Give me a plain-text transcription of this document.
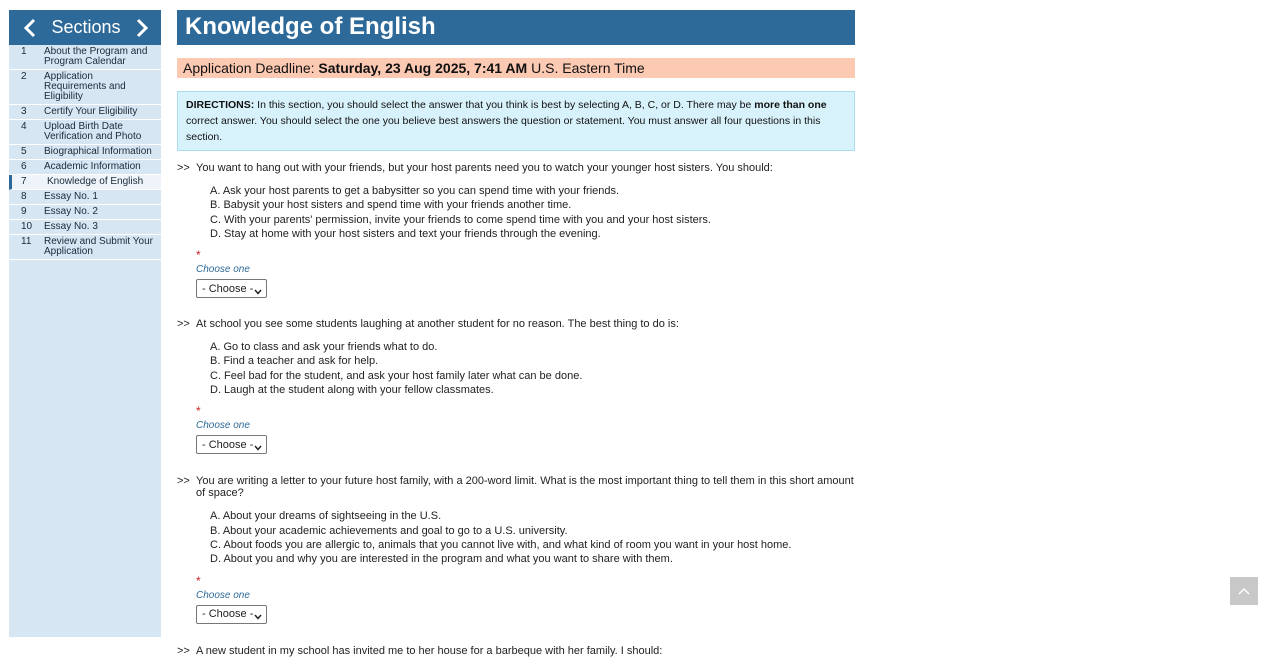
Sections
1	About the Program and Program Calendar
2	Application Requirements and Eligibility
3	Certify Your Eligibility
4	Upload Birth Date Verification and Photo
5	Biographical Information
6	Academic Information
7	Knowledge of English
8	Essay No. 1
9	Essay No. 2
10	Essay No. 3
11	Review and Submit Your Application
Knowledge of English
Application Deadline: Saturday, 23 Aug 2025, 7:41 AM U.S. Eastern Time
DIRECTIONS: In this section, you should select the answer that you think is best by selecting A, B, C, or D. There may be more than one correct answer. You should select the one you believe best answers the question or statement. You must answer all four questions in this section.
>> You want to hang out with your friends, but your host parents need you to watch your younger host sisters. You should:
A. Ask your host parents to get a babysitter so you can spend time with your friends.
B. Babysit your host sisters and spend time with your friends another time.
C. With your parents' permission, invite your friends to come spend time with you and your host sisters.
D. Stay at home with your host sisters and text your friends through the evening.
*
Choose one
- Choose -
>> At school you see some students laughing at another student for no reason. The best thing to do is:
A. Go to class and ask your friends what to do.
B. Find a teacher and ask for help.
C. Feel bad for the student, and ask your host family later what can be done.
D. Laugh at the student along with your fellow classmates.
*
Choose one
- Choose -
>> You are writing a letter to your future host family, with a 200-word limit. What is the most important thing to tell them in this short amount of space?
A. About your dreams of sightseeing in the U.S.
B. About your academic achievements and goal to go to a U.S. university.
C. About foods you are allergic to, animals that you cannot live with, and what kind of room you want in your host home.
D. About you and why you are interested in the program and what you want to share with them.
*
Choose one
- Choose -
>> A new student in my school has invited me to her house for a barbeque with her family. I should:
